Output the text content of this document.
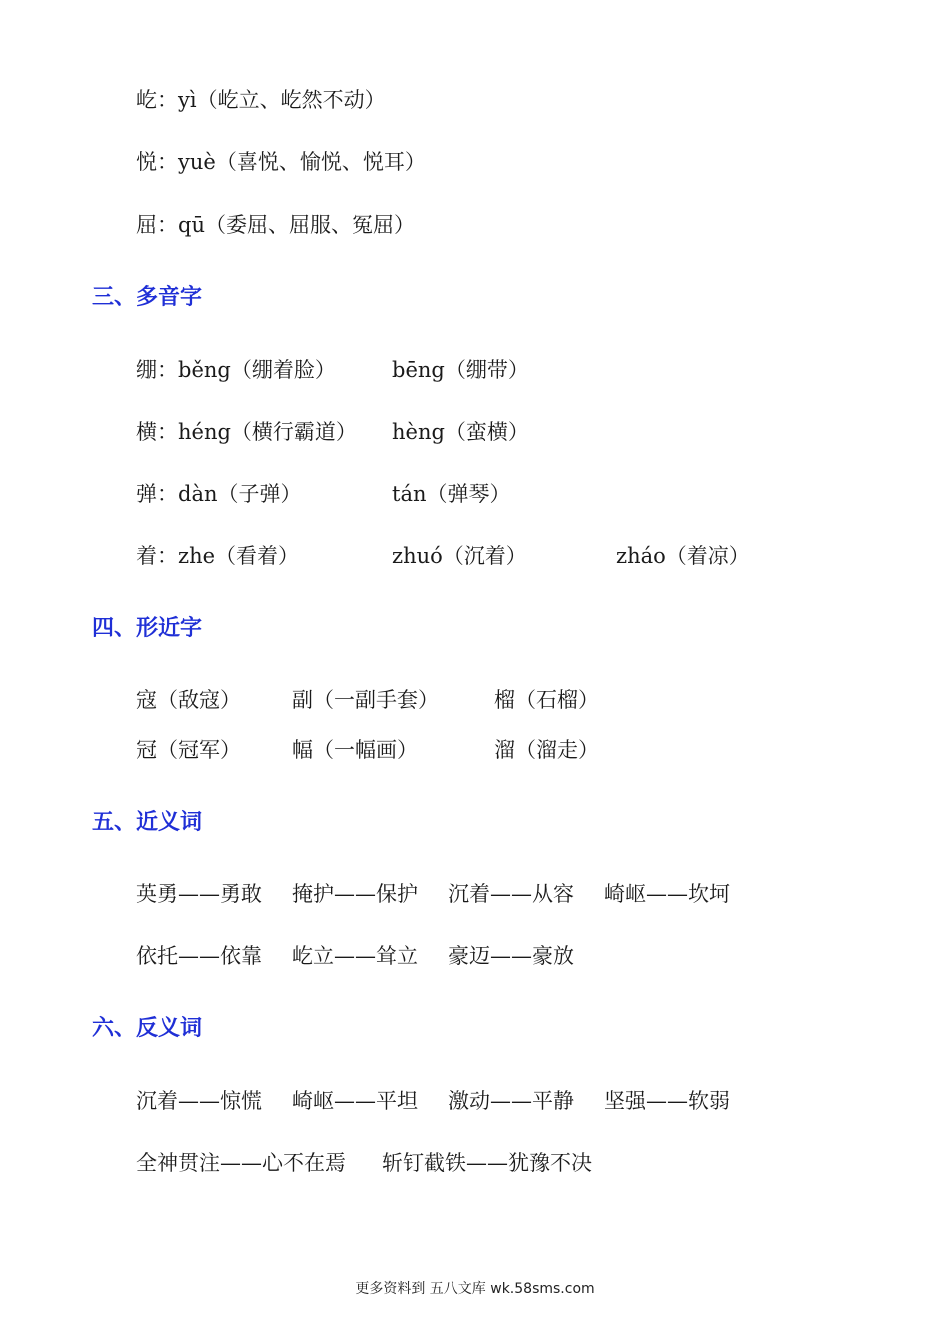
屹：yì（屹立、屹然不动）
悦：yuè（喜悦、愉悦、悦耳）
屈：qū（委屈、屈服、冤屈）
三、多音字
绷：běng（绷着脸）	bēng（绷带）
横：héng（横行霸道）	hèng（蛮横）
弹：dàn（子弹）	tán（弹琴）
着：zhe（看着）	zhuó（沉着）	zháo（着凉）
四、形近字
寇（敌寇）	副（一副手套）	榴（石榴）
冠（冠军）	幅（一幅画）	溜（溜走）
五、近义词
英勇——勇敢	掩护——保护	沉着——从容	崎岖——坎坷
依托——依靠	屹立——耸立	豪迈——豪放
六、反义词
沉着——惊慌	崎岖——平坦	激动——平静	坚强——软弱
全神贯注——心不在焉	斩钉截铁——犹豫不决
更多资料到 五八文库 wk.58sms.com
